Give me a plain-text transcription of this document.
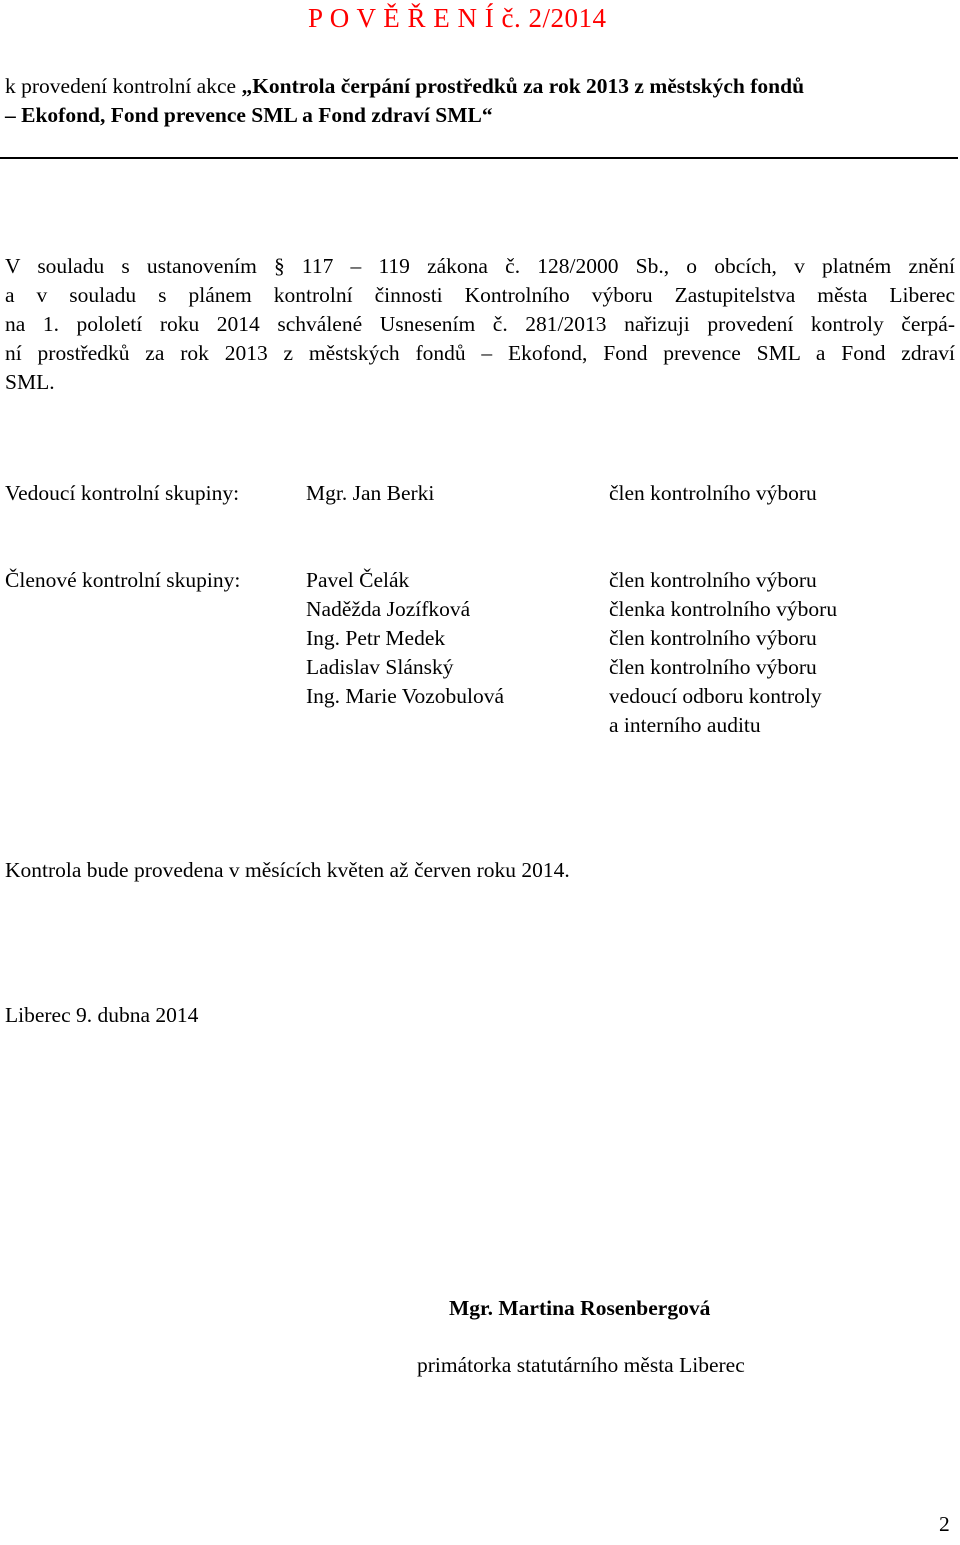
P O V Ě Ř E N Í č. 2/2014
k provedení kontrolní akce „Kontrola čerpání prostředků za rok 2013 z městských fondů
– Ekofond, Fond prevence SML a Fond zdraví SML“
V souladu s ustanovením § 117 – 119 zákona č. 128/2000 Sb., o obcích, v platném znění
a v souladu s plánem kontrolní činnosti Kontrolního výboru Zastupitelstva města Liberec
na 1. pololetí roku 2014 schválené Usnesením č. 281/2013 nařizuji provedení kontroly čerpá-
ní prostředků za rok 2013 z městských fondů – Ekofond, Fond prevence SML a Fond zdraví
SML.
Vedoucí kontrolní skupiny:	Mgr. Jan Berki	člen kontrolního výboru
Členové kontrolní skupiny:	Pavel Čelák	člen kontrolního výboru
Naděžda Jozífková	členka kontrolního výboru
Ing. Petr Medek	člen kontrolního výboru
Ladislav Slánský	člen kontrolního výboru
Ing. Marie Vozobulová	vedoucí odboru kontroly
a interního auditu
Kontrola bude provedena v měsících květen až červen roku 2014.
Liberec 9. dubna 2014
Mgr. Martina Rosenbergová
primátorka statutárního města Liberec
2
